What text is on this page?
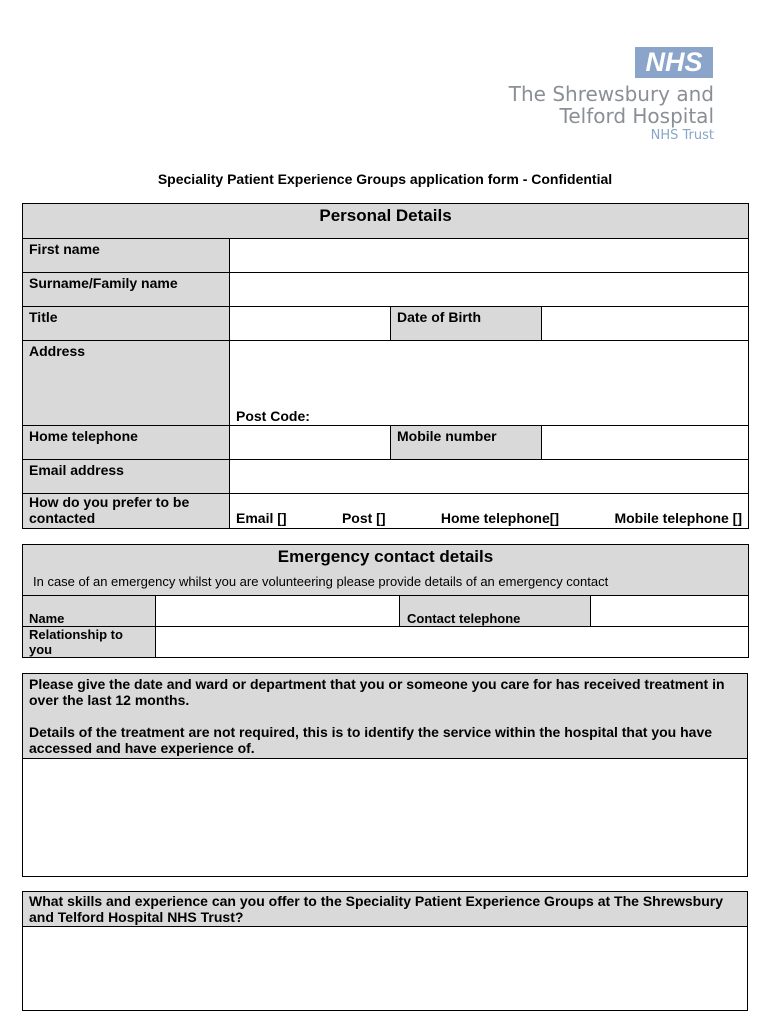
NHS
The Shrewsbury and
Telford Hospital
NHS Trust
Speciality Patient Experience Groups application form - Confidential
Personal Details			
First name			
Surname/Family name			
Title		Date of Birth	
Address	Post Code:		

Home telephone		Mobile number	
Email address			
How do you prefer to be contacted	Email [] Post [] Home telephone[] Mobile telephone []		
Emergency contact details
In case of an emergency whilst you are volunteering please provide details of an emergency contact			

Name		Contact telephone	
Relationship to you			

Please give the date and ward or department that you or someone you care for has received treatment in over the last 12 months.

Details of the treatment are not required, this is to identify the service within the hospital that you have accessed and have experience of.

What skills and experience can you offer to the Speciality Patient Experience Groups at The Shrewsbury and Telford Hospital NHS Trust?
